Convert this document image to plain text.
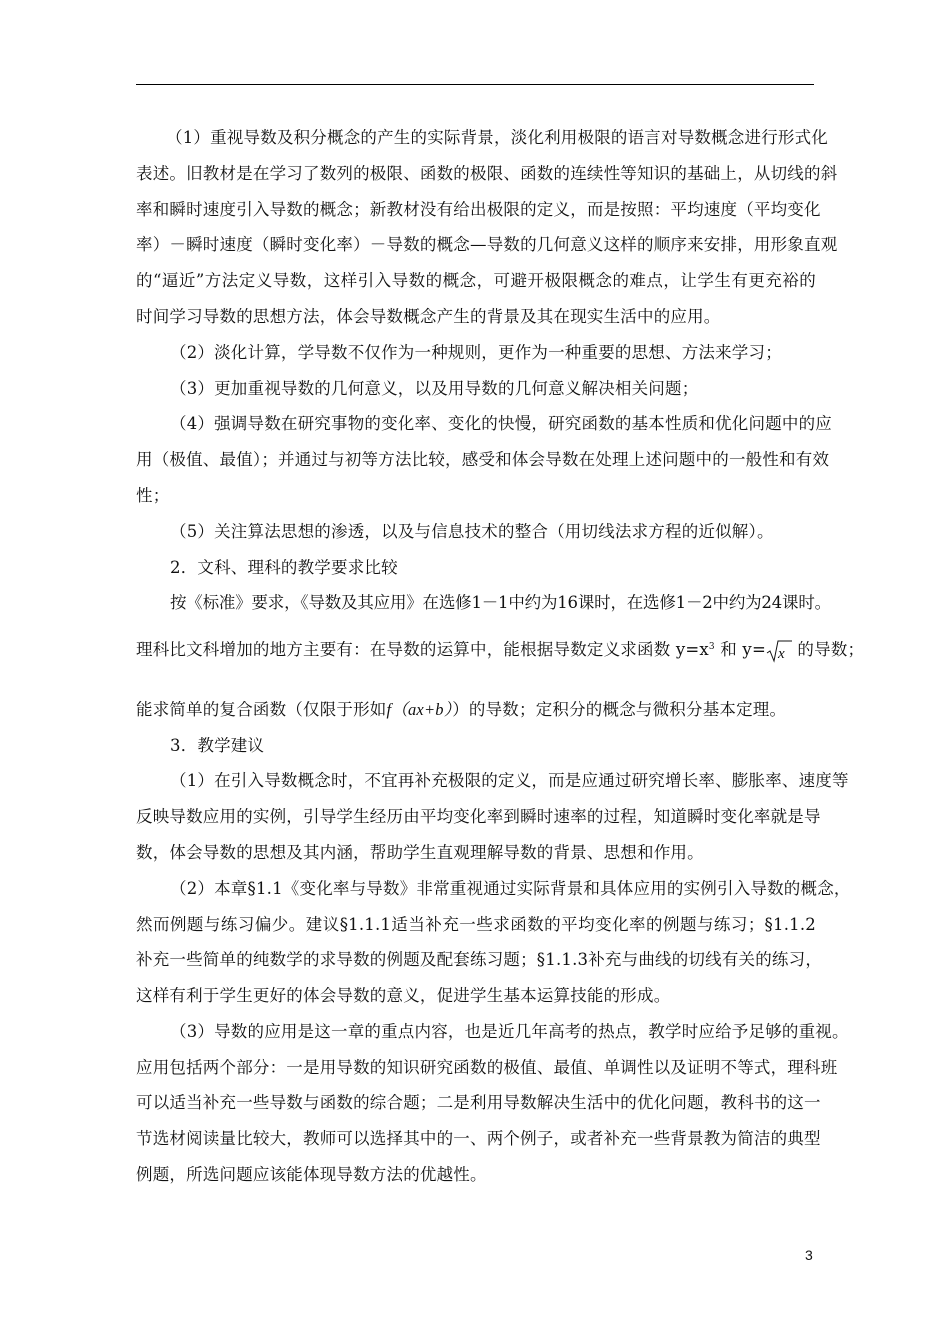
（1）重视导数及积分概念的产生的实际背景，淡化利用极限的语言对导数概念进行形式化
表述。旧教材是在学习了数列的极限、函数的极限、函数的连续性等知识的基础上，从切线的斜
率和瞬时速度引入导数的概念；新教材没有给出极限的定义，而是按照：平均速度（平均变化
率）－瞬时速度（瞬时变化率）－导数的概念—导数的几何意义这样的顺序来安排，用形象直观
的“逼近”方法定义导数，这样引入导数的概念，可避开极限概念的难点，让学生有更充裕的
时间学习导数的思想方法，体会导数概念产生的背景及其在现实生活中的应用。
（2）淡化计算，学导数不仅作为一种规则，更作为一种重要的思想、方法来学习；
（3）更加重视导数的几何意义，以及用导数的几何意义解决相关问题；
（4）强调导数在研究事物的变化率、变化的快慢，研究函数的基本性质和优化问题中的应
用（极值、最值）；并通过与初等方法比较，感受和体会导数在处理上述问题中的一般性和有效
性；
（5）关注算法思想的渗透，以及与信息技术的整合（用切线法求方程的近似解）。
2．文科、理科的教学要求比较
按《标准》要求，《导数及其应用》在选修1－1中约为16课时，在选修1－2中约为24课时。
理科比文科增加的地方主要有：在导数的运算中，能根据导数定义求函数 $y=x^3$ 和 y= x 的导数；
能求简单的复合函数（仅限于形如f（ax+b））的导数；定积分的概念与微积分基本定理。
3．教学建议
（1）在引入导数概念时，不宜再补充极限的定义，而是应通过研究增长率、膨胀率、速度等
反映导数应用的实例，引导学生经历由平均变化率到瞬时速率的过程，知道瞬时变化率就是导
数，体会导数的思想及其内涵，帮助学生直观理解导数的背景、思想和作用。
（2）本章§1.1《变化率与导数》非常重视通过实际背景和具体应用的实例引入导数的概念，
然而例题与练习偏少。建议§1.1.1适当补充一些求函数的平均变化率的例题与练习；§1.1.2
补充一些简单的纯数学的求导数的例题及配套练习题；§1.1.3补充与曲线的切线有关的练习，
这样有利于学生更好的体会导数的意义，促进学生基本运算技能的形成。
（3）导数的应用是这一章的重点内容，也是近几年高考的热点，教学时应给予足够的重视。
应用包括两个部分：一是用导数的知识研究函数的极值、最值、单调性以及证明不等式，理科班
可以适当补充一些导数与函数的综合题；二是利用导数解决生活中的优化问题，教科书的这一
节选材阅读量比较大，教师可以选择其中的一、两个例子，或者补充一些背景教为简洁的典型
例题，所选问题应该能体现导数方法的优越性。
3
